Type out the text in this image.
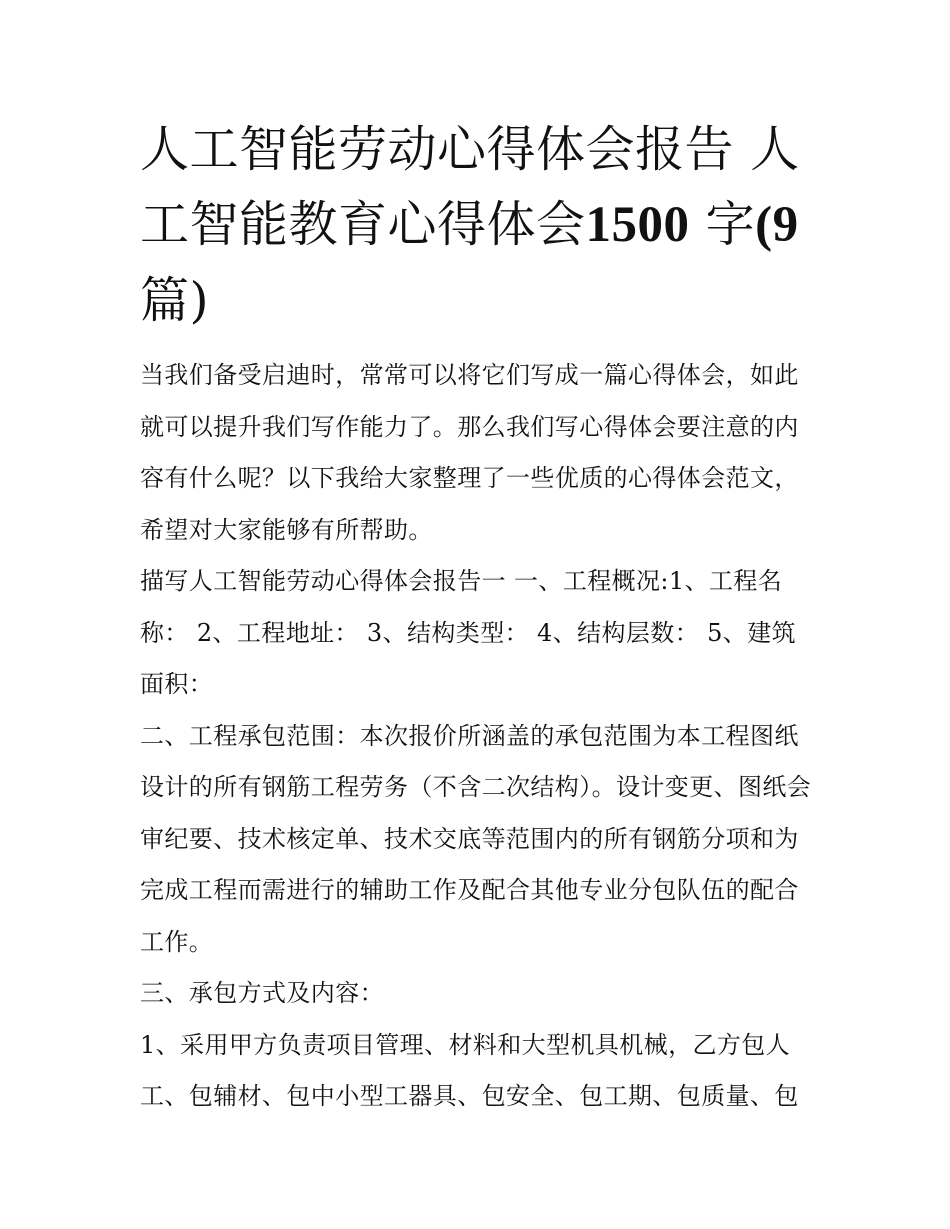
人工智能劳动心得体会报告 人工智能教育心得体会1500 字(9篇)

当我们备受启迪时，常常可以将它们写成一篇心得体会，如此就可以提升我们写作能力了。那么我们写心得体会要注意的内容有什么呢？以下我给大家整理了一些优质的心得体会范文，希望对大家能够有所帮助。

描写人工智能劳动心得体会报告一 一、工程概况:1、工程名称： 2、工程地址： 3、结构类型： 4、结构层数： 5、建筑面积：

二、工程承包范围：本次报价所涵盖的承包范围为本工程图纸设计的所有钢筋工程劳务（不含二次结构）。设计变更、图纸会审纪要、技术核定单、技术交底等范围内的所有钢筋分项和为完成工程而需进行的辅助工作及配合其他专业分包队伍的配合工作。

三、承包方式及内容：

1、采用甲方负责项目管理、材料和大型机具机械，乙方包人工、包辅材、包中小型工器具、包安全、包工期、包质量、包
